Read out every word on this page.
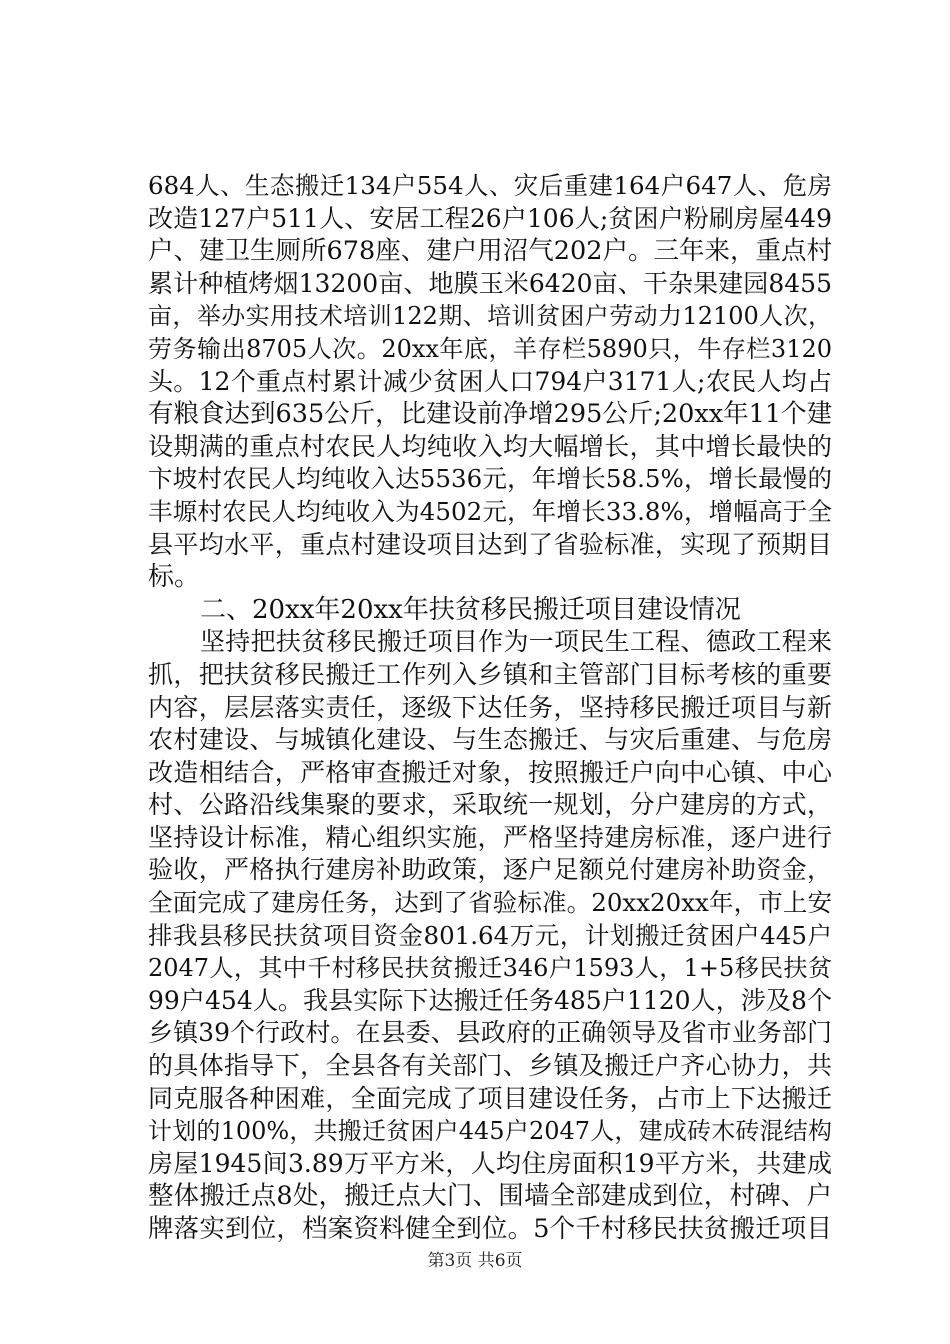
684人、生态搬迁134户554人、灾后重建164户647人、危房
改造127户511人、安居工程26户106人;贫困户粉刷房屋449
户、建卫生厕所678座、建户用沼气202户。三年来，重点村
累计种植烤烟13200亩、地膜玉米6420亩、干杂果建园8455
亩，举办实用技术培训122期、培训贫困户劳动力12100人次，
劳务输出8705人次。20xx年底，羊存栏5890只，牛存栏3120
头。12个重点村累计减少贫困人口794户3171人;农民人均占
有粮食达到635公斤，比建设前净增295公斤;20xx年11个建
设期满的重点村农民人均纯收入均大幅增长，其中增长最快的
卞坡村农民人均纯收入达5536元，年增长58.5%，增长最慢的
丰塬村农民人均纯收入为4502元，年增长33.8%，增幅高于全
县平均水平，重点村建设项目达到了省验标准，实现了预期目
标。
二、20xx年20xx年扶贫移民搬迁项目建设情况
坚持把扶贫移民搬迁项目作为一项民生工程、德政工程来
抓，把扶贫移民搬迁工作列入乡镇和主管部门目标考核的重要
内容，层层落实责任，逐级下达任务，坚持移民搬迁项目与新
农村建设、与城镇化建设、与生态搬迁、与灾后重建、与危房
改造相结合，严格审查搬迁对象，按照搬迁户向中心镇、中心
村、公路沿线集聚的要求，采取统一规划，分户建房的方式，
坚持设计标准，精心组织实施，严格坚持建房标准，逐户进行
验收，严格执行建房补助政策，逐户足额兑付建房补助资金，
全面完成了建房任务，达到了省验标准。20xx20xx年，市上安
排我县移民扶贫项目资金801.64万元，计划搬迁贫困户445户
2047人，其中千村移民扶贫搬迁346户1593人，1+5移民扶贫
99户454人。我县实际下达搬迁任务485户1120人，涉及8个
乡镇39个行政村。在县委、县政府的正确领导及省市业务部门
的具体指导下，全县各有关部门、乡镇及搬迁户齐心协力，共
同克服各种困难，全面完成了项目建设任务，占市上下达搬迁
计划的100%，共搬迁贫困户445户2047人，建成砖木砖混结构
房屋1945间3.89万平方米，人均住房面积19平方米，共建成
整体搬迁点8处，搬迁点大门、围墙全部建成到位，村碑、户
牌落实到位，档案资料健全到位。5个千村移民扶贫搬迁项目
第3页 共6页
